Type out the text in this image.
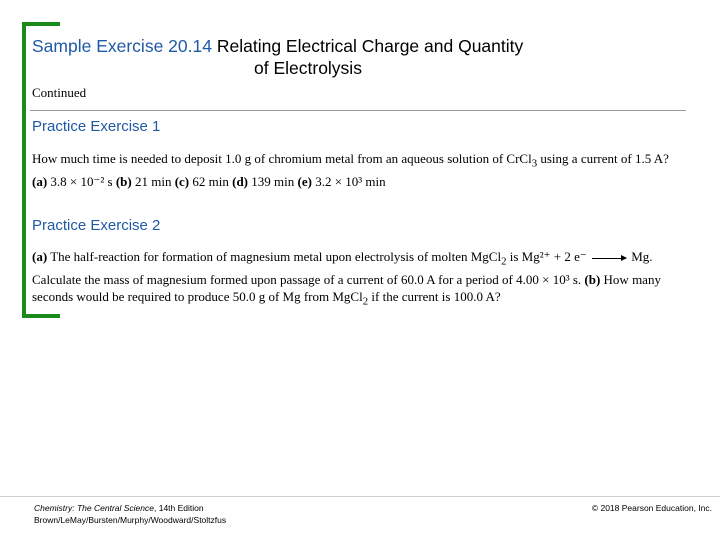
Sample Exercise 20.14 Relating Electrical Charge and Quantity
of Electrolysis
Continued
Practice Exercise 1
How much time is needed to deposit 1.0 g of chromium metal from an aqueous solution of CrCl$_3$ using a current of 1.5 A?
(a) 3.8 × 10⁻² s (b) 21 min (c) 62 min (d) 139 min (e) 3.2 × 10³ min
Practice Exercise 2
(a) The half-reaction for formation of magnesium metal upon electrolysis of molten MgCl$_2$ is Mg²⁺ + 2 e⁻ → Mg. Calculate the mass of magnesium formed upon passage of a current of 60.0 A for a period of 4.00 × 10³ s. (b) How many seconds would be required to produce 50.0 g of Mg from MgCl$_2$ if the current is 100.0 A?
Chemistry: The Central Science, 14th Edition
Brown/LeMay/Bursten/Murphy/Woodward/Stoltzfus
© 2018 Pearson Education, Inc.
